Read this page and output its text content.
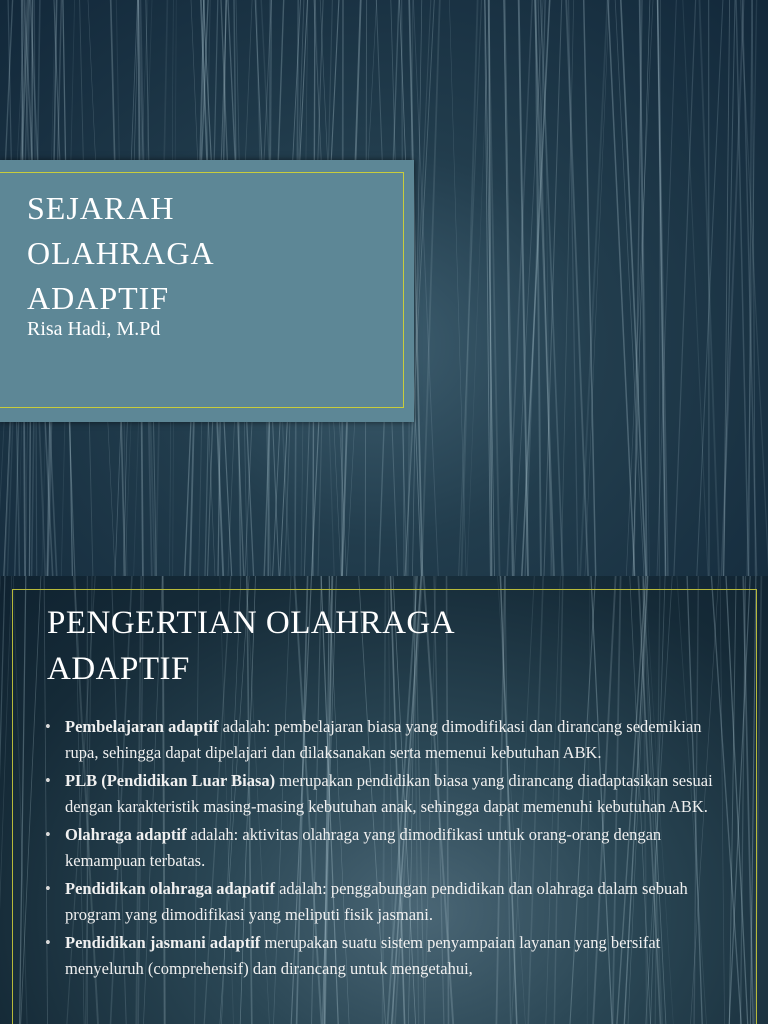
SEJARAH
OLAHRAGA
ADAPTIF
Risa Hadi, M.Pd
PENGERTIAN OLAHRAGA
ADAPTIF
• Pembelajaran adaptif adalah: pembelajaran biasa yang dimodifikasi dan dirancang sedemikian rupa, sehingga dapat dipelajari dan dilaksanakan serta memenui kebutuhan ABK.
• PLB (Pendidikan Luar Biasa) merupakan pendidikan biasa yang dirancang diadaptasikan sesuai dengan karakteristik masing-masing kebutuhan anak, sehingga dapat memenuhi kebutuhan ABK.
• Olahraga adaptif adalah: aktivitas olahraga yang dimodifikasi untuk orang-orang dengan kemampuan terbatas.
• Pendidikan olahraga adapatif adalah: penggabungan pendidikan dan olahraga dalam sebuah program yang dimodifikasi yang meliputi fisik jasmani.
• Pendidikan jasmani adaptif merupakan suatu sistem penyampaian layanan yang bersifat menyeluruh (comprehensif) dan dirancang untuk mengetahui,
